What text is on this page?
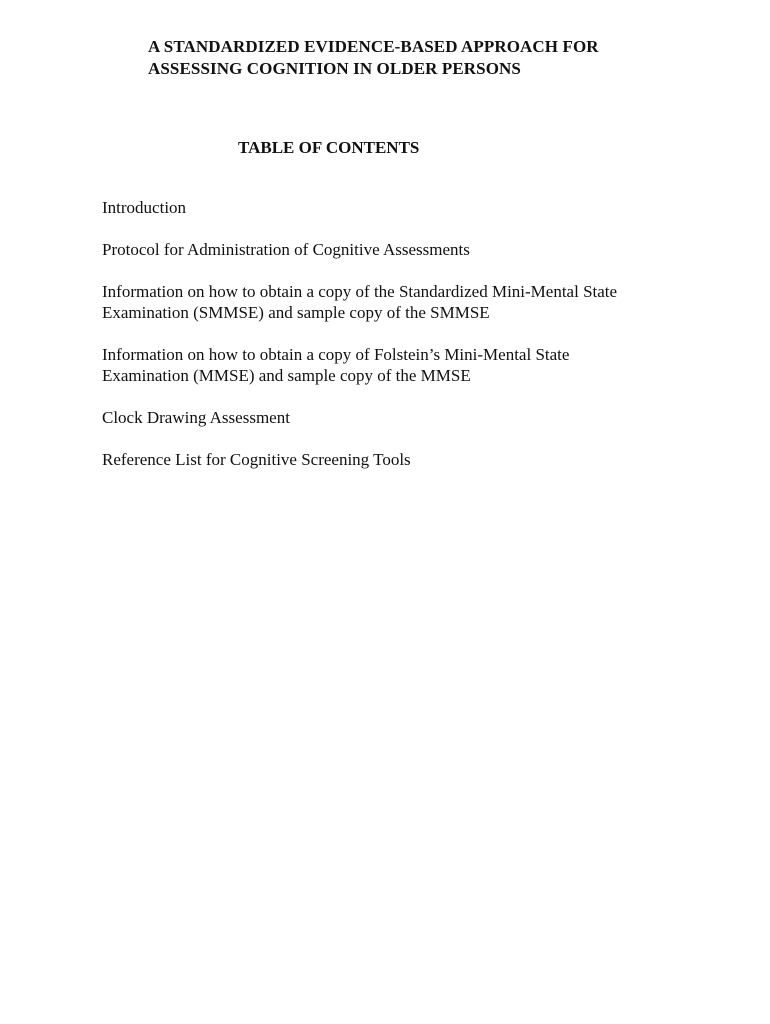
A STANDARDIZED EVIDENCE-BASED APPROACH FOR
ASSESSING COGNITION IN OLDER PERSONS
TABLE OF CONTENTS
Introduction
Protocol for Administration of Cognitive Assessments
Information on how to obtain a copy of the Standardized Mini-Mental State
Examination (SMMSE) and sample copy of the SMMSE
Information on how to obtain a copy of Folstein’s Mini-Mental State
Examination (MMSE) and sample copy of the MMSE
Clock Drawing Assessment
Reference List for Cognitive Screening Tools
